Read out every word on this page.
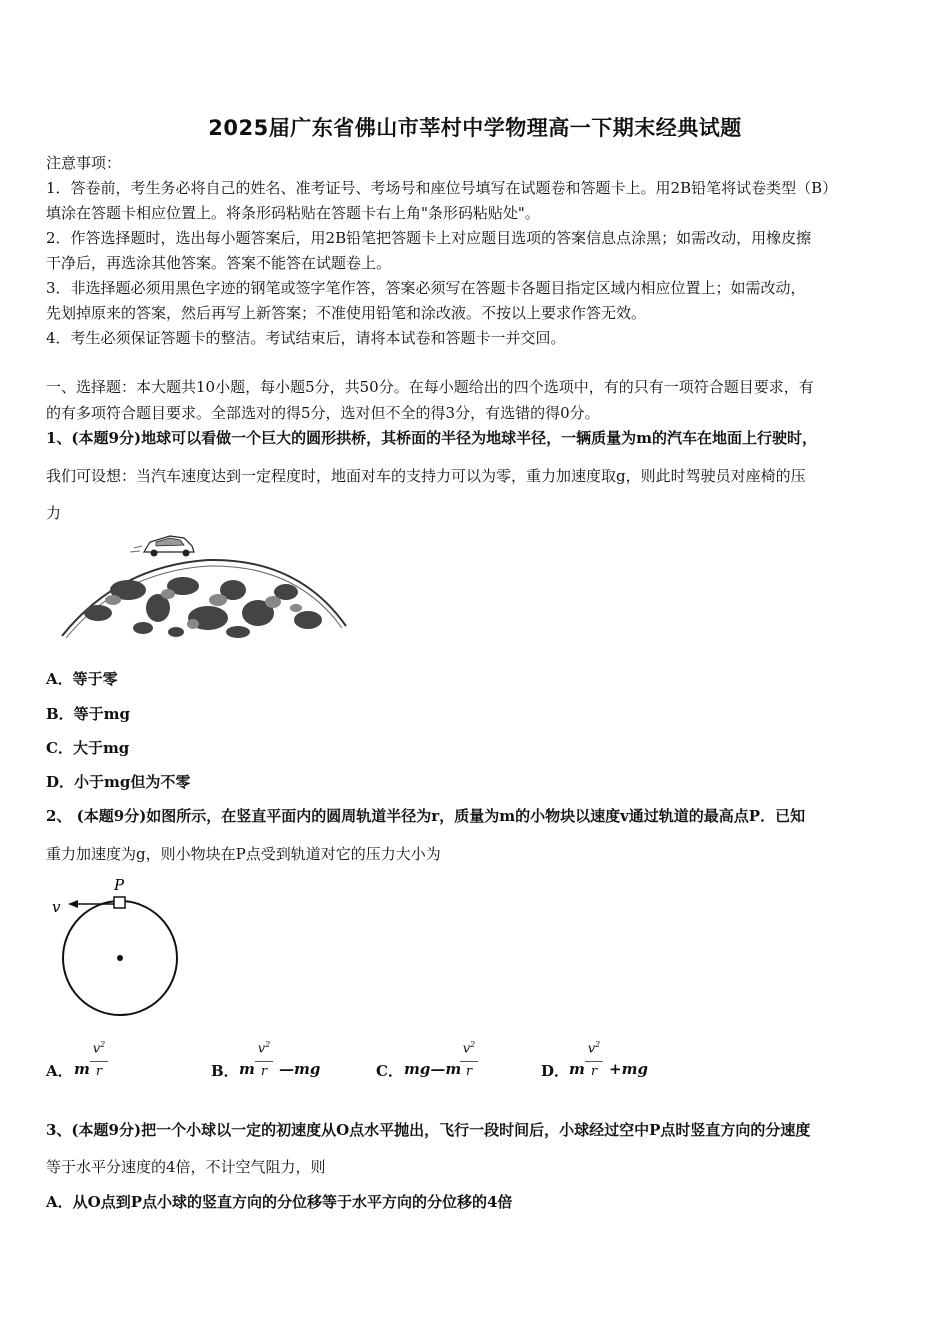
2025届广东省佛山市莘村中学物理高一下期末经典试题
注意事项：
1．答卷前，考生务必将自己的姓名、准考证号、考场号和座位号填写在试题卷和答题卡上。用2B铅笔将试卷类型（B）
填涂在答题卡相应位置上。将条形码粘贴在答题卡右上角"条形码粘贴处"。
2．作答选择题时，选出每小题答案后，用2B铅笔把答题卡上对应题目选项的答案信息点涂黑；如需改动，用橡皮擦
干净后，再选涂其他答案。答案不能答在试题卷上。
3．非选择题必须用黑色字迹的钢笔或签字笔作答，答案必须写在答题卡各题目指定区域内相应位置上；如需改动，
先划掉原来的答案，然后再写上新答案；不准使用铅笔和涂改液。不按以上要求作答无效。
4．考生必须保证答题卡的整洁。考试结束后，请将本试卷和答题卡一并交回。
一、选择题：本大题共10小题，每小题5分，共50分。在每小题给出的四个选项中，有的只有一项符合题目要求，有
的有多项符合题目要求。全部选对的得5分，选对但不全的得3分，有选错的得0分。
1、(本题9分)地球可以看做一个巨大的圆形拱桥，其桥面的半径为地球半径，一辆质量为m的汽车在地面上行驶时，
我们可设想：当汽车速度达到一定程度时，地面对车的支持力可以为零，重力加速度取g，则此时驾驶员对座椅的压
力
A．等于零
B．等于mg
C．大于mg
D．小于mg但为不零
2、 (本题9分)如图所示，在竖直平面内的圆周轨道半径为r，质量为m的小物块以速度v通过轨道的最高点P．已知
重力加速度为g，则小物块在P点受到轨道对它的压力大小为
P
v
A． m
$v^2$
r	B． m
$v^2$
r —mg	C． mg—m
$v^2$
r	D． m
$v^2$
r +mg
3、(本题9分)把一个小球以一定的初速度从O点水平抛出，飞行一段时间后，小球经过空中P点时竖直方向的分速度
等于水平分速度的4倍，不计空气阻力，则
A．从O点到P点小球的竖直方向的分位移等于水平方向的分位移的4倍
